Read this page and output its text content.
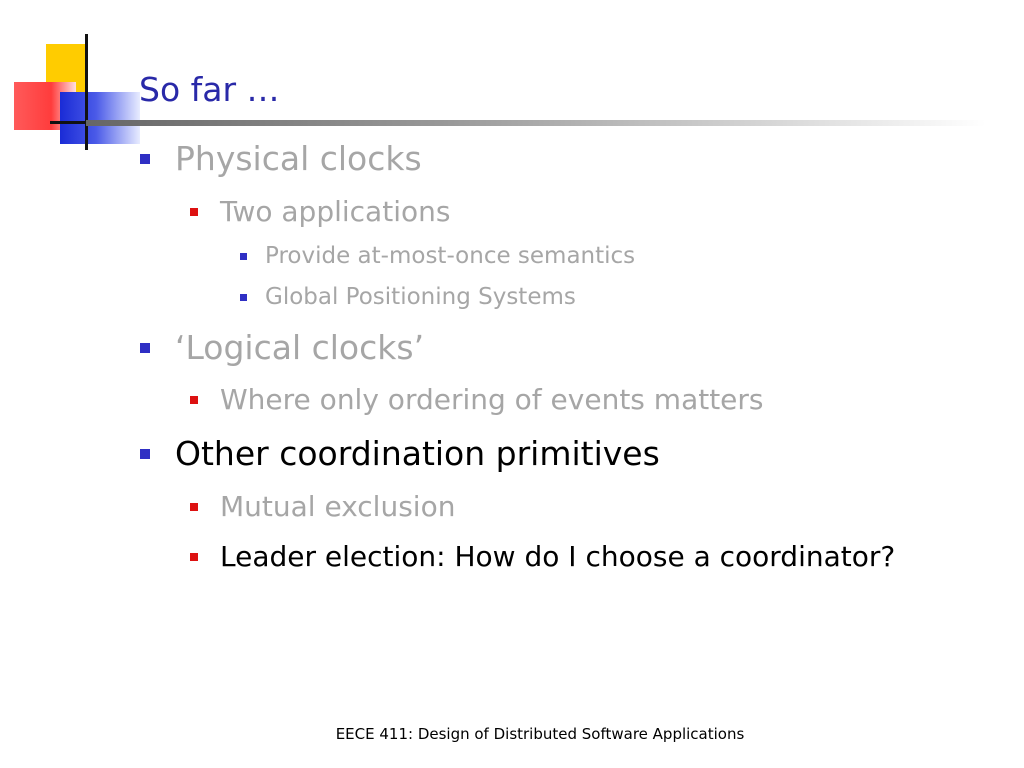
So far …
Physical clocks
Two applications
Provide at-most-once semantics
Global Positioning Systems
‘Logical clocks’
Where only ordering of events matters
Other coordination primitives
Mutual exclusion
Leader election: How do I choose a coordinator?
EECE 411: Design of Distributed Software Applications
